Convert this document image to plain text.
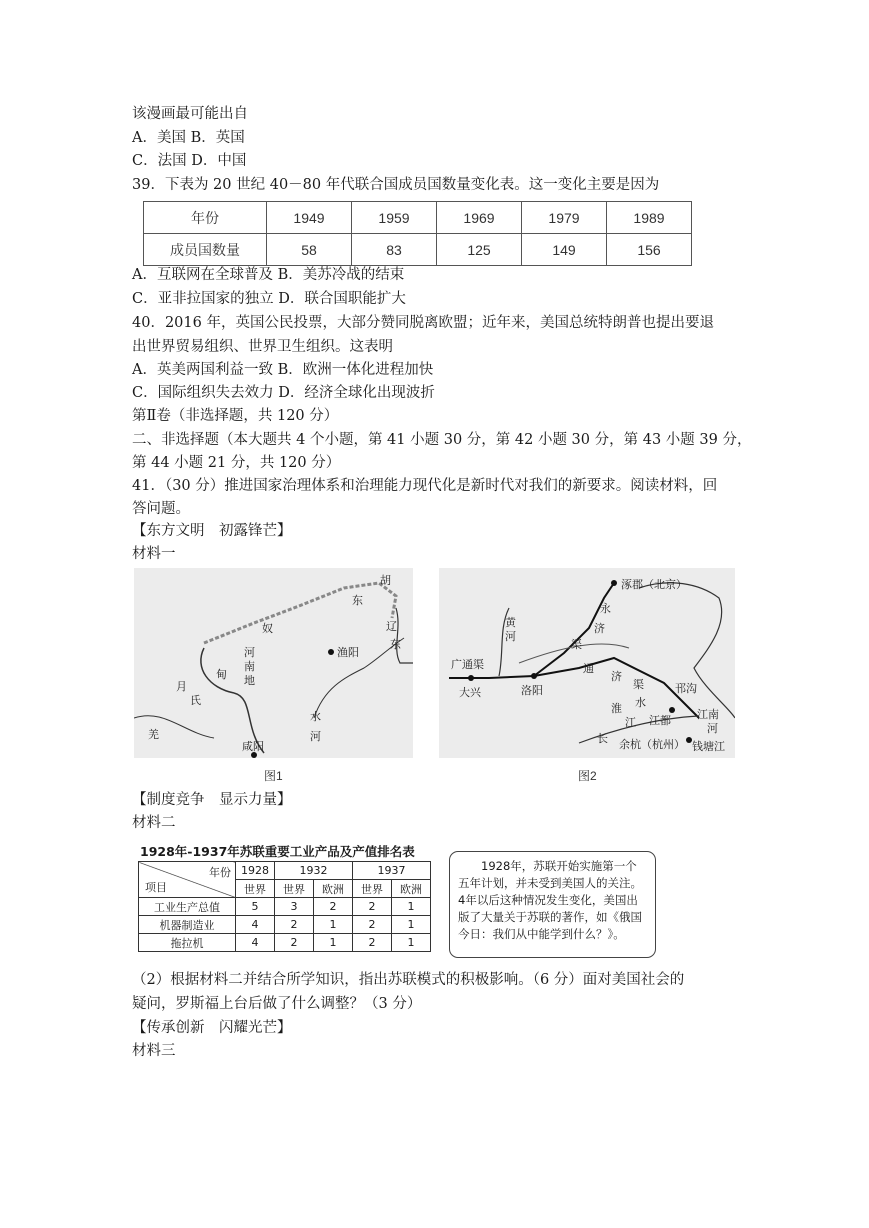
该漫画最可能出自
A．美国 B．英国
C．法国 D．中国
39．下表为 20 世纪 40－80 年代联合国成员国数量变化表。这一变化主要是因为
年份	1949	1959	1969	1979	1989
成员国数量	58	83	125	149	156
A．互联网在全球普及 B．美苏冷战的结束
C．亚非拉国家的独立 D．联合国职能扩大
40．2016 年，英国公民投票，大部分赞同脱离欧盟；近年来，美国总统特朗普也提出要退
出世界贸易组织、世界卫生组织。这表明
A．英美两国利益一致 B．欧洲一体化进程加快
C．国际组织失去效力 D．经济全球化出现波折
第Ⅱ卷（非选择题，共 120 分）
二、非选择题（本大题共 4 个小题，第 41 小题 30 分，第 42 小题 30 分，第 43 小题 39 分，
第 44 小题 21 分，共 120 分）
41．（30 分）推进国家治理体系和治理能力现代化是新时代对我们的新要求。阅读材料，回
答问题。
【东方文明　初露锋芒】
材料一
胡
东
奴	辽
东
河
南
地
渔阳
甸
月
氏
羌
水
河
咸阳
图1
涿郡（北京）
永
济
渠
黄
河
广通渠
大兴	洛阳
通
济
渠
淮 水
江
邗沟
江都 江南
河
长 余杭（杭州） 钱塘江
图2
【制度竞争　显示力量】
材料二
1928年-1937年苏联重要工业产品及产值排名表
年份
项目	1928	1932		1937	
	世界	世界	欧洲	世界	欧洲
工业生产总值	5	3	2	2	1
机器制造业	4	2	1	2	1
拖拉机	4	2	1	2	1
　　1928年，苏联开始实施第一个五年计划，并未受到美国人的关注。4年以后这种情况发生变化，美国出版了大量关于苏联的著作，如《俄国今日：我们从中能学到什么？》。
（2）根据材料二并结合所学知识，指出苏联模式的积极影响。（6 分）面对美国社会的
疑问，罗斯福上台后做了什么调整？（3 分）
【传承创新　闪耀光芒】
材料三
